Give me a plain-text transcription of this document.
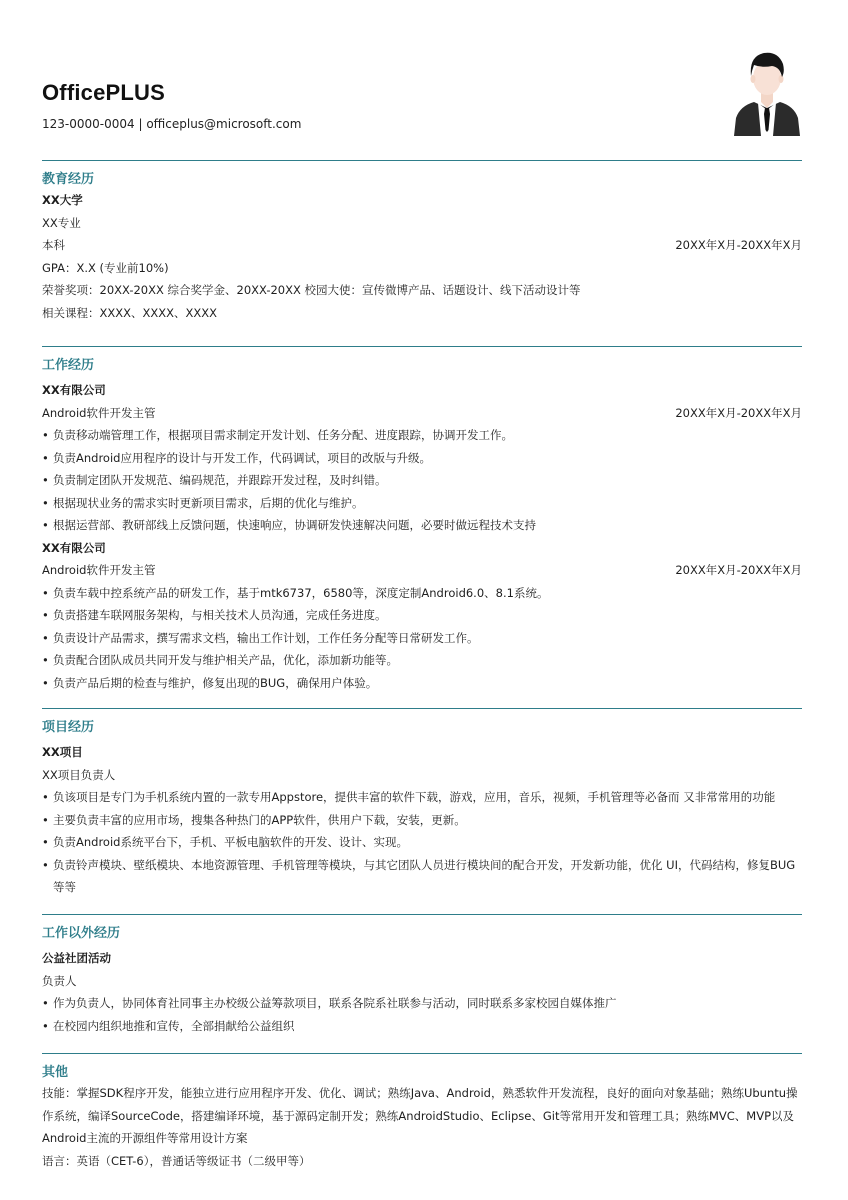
OfficePLUS
123-0000-0004 | officeplus@microsoft.com
教育经历
XX大学
XX专业
本科	20XX年X月-20XX年X月
GPA：X.X (专业前10%)
荣誉奖项：20XX-20XX 综合奖学金、20XX-20XX 校园大使：宣传微博产品、话题设计、线下活动设计等
相关课程：XXXX、XXXX、XXXX
工作经历
XX有限公司
Android软件开发主管	20XX年X月-20XX年X月
• 负责移动端管理工作，根据项目需求制定开发计划、任务分配、进度跟踪，协调开发工作。
• 负责Android应用程序的设计与开发工作，代码调试，项目的改版与升级。
• 负责制定团队开发规范、编码规范，并跟踪开发过程，及时纠错。
• 根据现状业务的需求实时更新项目需求，后期的优化与维护。
• 根据运营部、教研部线上反馈问题，快速响应，协调研发快速解决问题，必要时做远程技术支持
XX有限公司
Android软件开发主管	20XX年X月-20XX年X月
• 负责车载中控系统产品的研发工作，基于mtk6737，6580等，深度定制Android6.0、8.1系统。
• 负责搭建车联网服务架构，与相关技术人员沟通，完成任务进度。
• 负责设计产品需求，撰写需求文档，输出工作计划，工作任务分配等日常研发工作。
• 负责配合团队成员共同开发与维护相关产品，优化，添加新功能等。
• 负责产品后期的检查与维护，修复出现的BUG，确保用户体验。
项目经历
XX项目
XX项目负责人
• 负该项目是专门为手机系统内置的一款专用Appstore，提供丰富的软件下载，游戏，应用，音乐，视频，手机管理等必备而 又非常常用的功能
• 主要负责丰富的应用市场，搜集各种热门的APP软件，供用户下载，安装，更新。
• 负责Android系统平台下，手机、平板电脑软件的开发、设计、实现。
• 负责铃声模块、壁纸模块、本地资源管理、手机管理等模块，与其它团队人员进行模块间的配合开发，开发新功能，优化 UI，代码结构，修复BUG等等
工作以外经历
公益社团活动
负责人
• 作为负责人，协同体育社同事主办校级公益筹款项目，联系各院系社联参与活动，同时联系多家校园自媒体推广
• 在校园内组织地推和宣传，全部捐献给公益组织
其他
技能：掌握SDK程序开发，能独立进行应用程序开发、优化、调试；熟练Java、Android，熟悉软件开发流程，良好的面向对象基础；熟练Ubuntu操作系统，编译SourceCode，搭建编译环境，基于源码定制开发；熟练AndroidStudio、Eclipse、Git等常用开发和管理工具；熟练MVC、MVP以及Android主流的开源组件等常用设计方案
语言：英语（CET-6），普通话等级证书（二级甲等）
